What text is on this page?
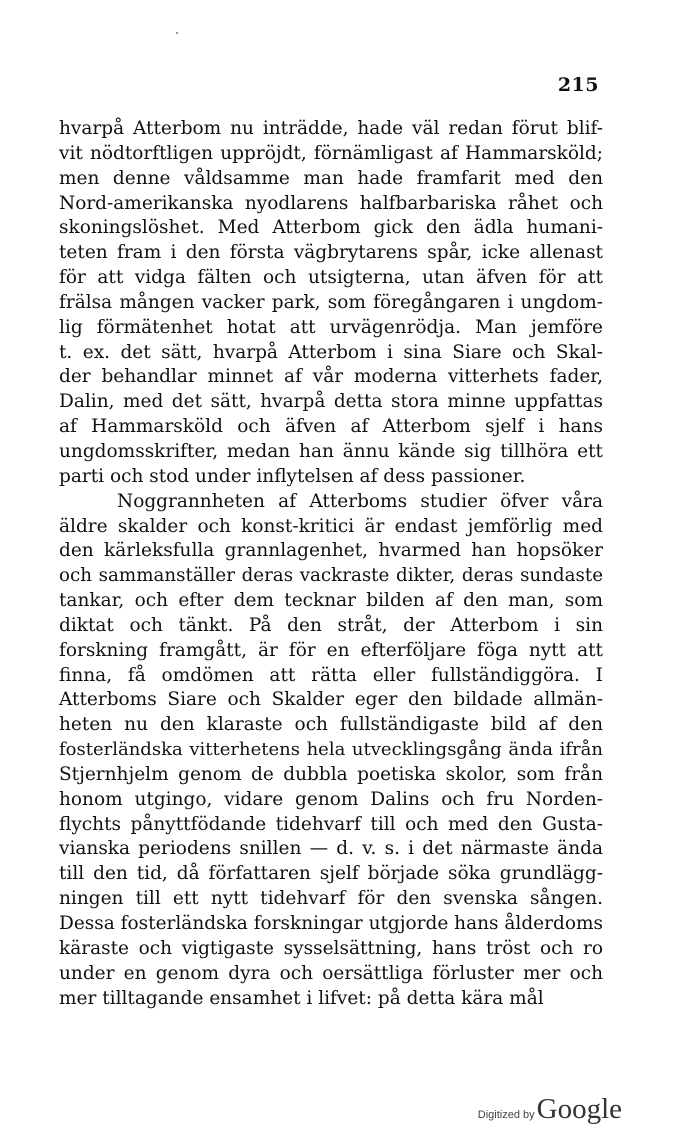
215
hvarpå Atterbom nu inträdde, hade väl redan förut blif-
vit nödtorftligen uppröjdt, förnämligast af Hammarsköld;
men denne våldsamme man hade framfarit med den
Nord-amerikanska nyodlarens halfbarbariska råhet och
skoningslöshet. Med Atterbom gick den ädla humani-
teten fram i den första vägbrytarens spår, icke allenast
för att vidga fälten och utsigterna, utan äfven för att
frälsa mången vacker park, som föregångaren i ungdom-
lig förmätenhet hotat att urvägenrödja. Man jemföre
t. ex. det sätt, hvarpå Atterbom i sina Siare och Skal-
der behandlar minnet af vår moderna vitterhets fader,
Dalin, med det sätt, hvarpå detta stora minne uppfattas
af Hammarsköld och äfven af Atterbom sjelf i hans
ungdomsskrifter, medan han ännu kände sig tillhöra ett
parti och stod under inflytelsen af dess passioner.
Noggrannheten af Atterboms studier öfver våra
äldre skalder och konst-kritici är endast jemförlig med
den kärleksfulla grannlagenhet, hvarmed han hopsöker
och sammanställer deras vackraste dikter, deras sundaste
tankar, och efter dem tecknar bilden af den man, som
diktat och tänkt. På den stråt, der Atterbom i sin
forskning framgått, är för en efterföljare föga nytt att
finna, få omdömen att rätta eller fullständiggöra. I
Atterboms Siare och Skalder eger den bildade allmän-
heten nu den klaraste och fullständigaste bild af den
fosterländska vitterhetens hela utvecklingsgång ända ifrån
Stjernhjelm genom de dubbla poetiska skolor, som från
honom utgingo, vidare genom Dalins och fru Norden-
flychts pånyttfödande tidehvarf till och med den Gusta-
vianska periodens snillen — d. v. s. i det närmaste ända
till den tid, då författaren sjelf började söka grundlägg-
ningen till ett nytt tidehvarf för den svenska sången.
Dessa fosterländska forskningar utgjorde hans ålderdoms
käraste och vigtigaste sysselsättning, hans tröst och ro
under en genom dyra och oersättliga förluster mer och
mer tilltagande ensamhet i lifvet: på detta kära mål
Digitized by Google
